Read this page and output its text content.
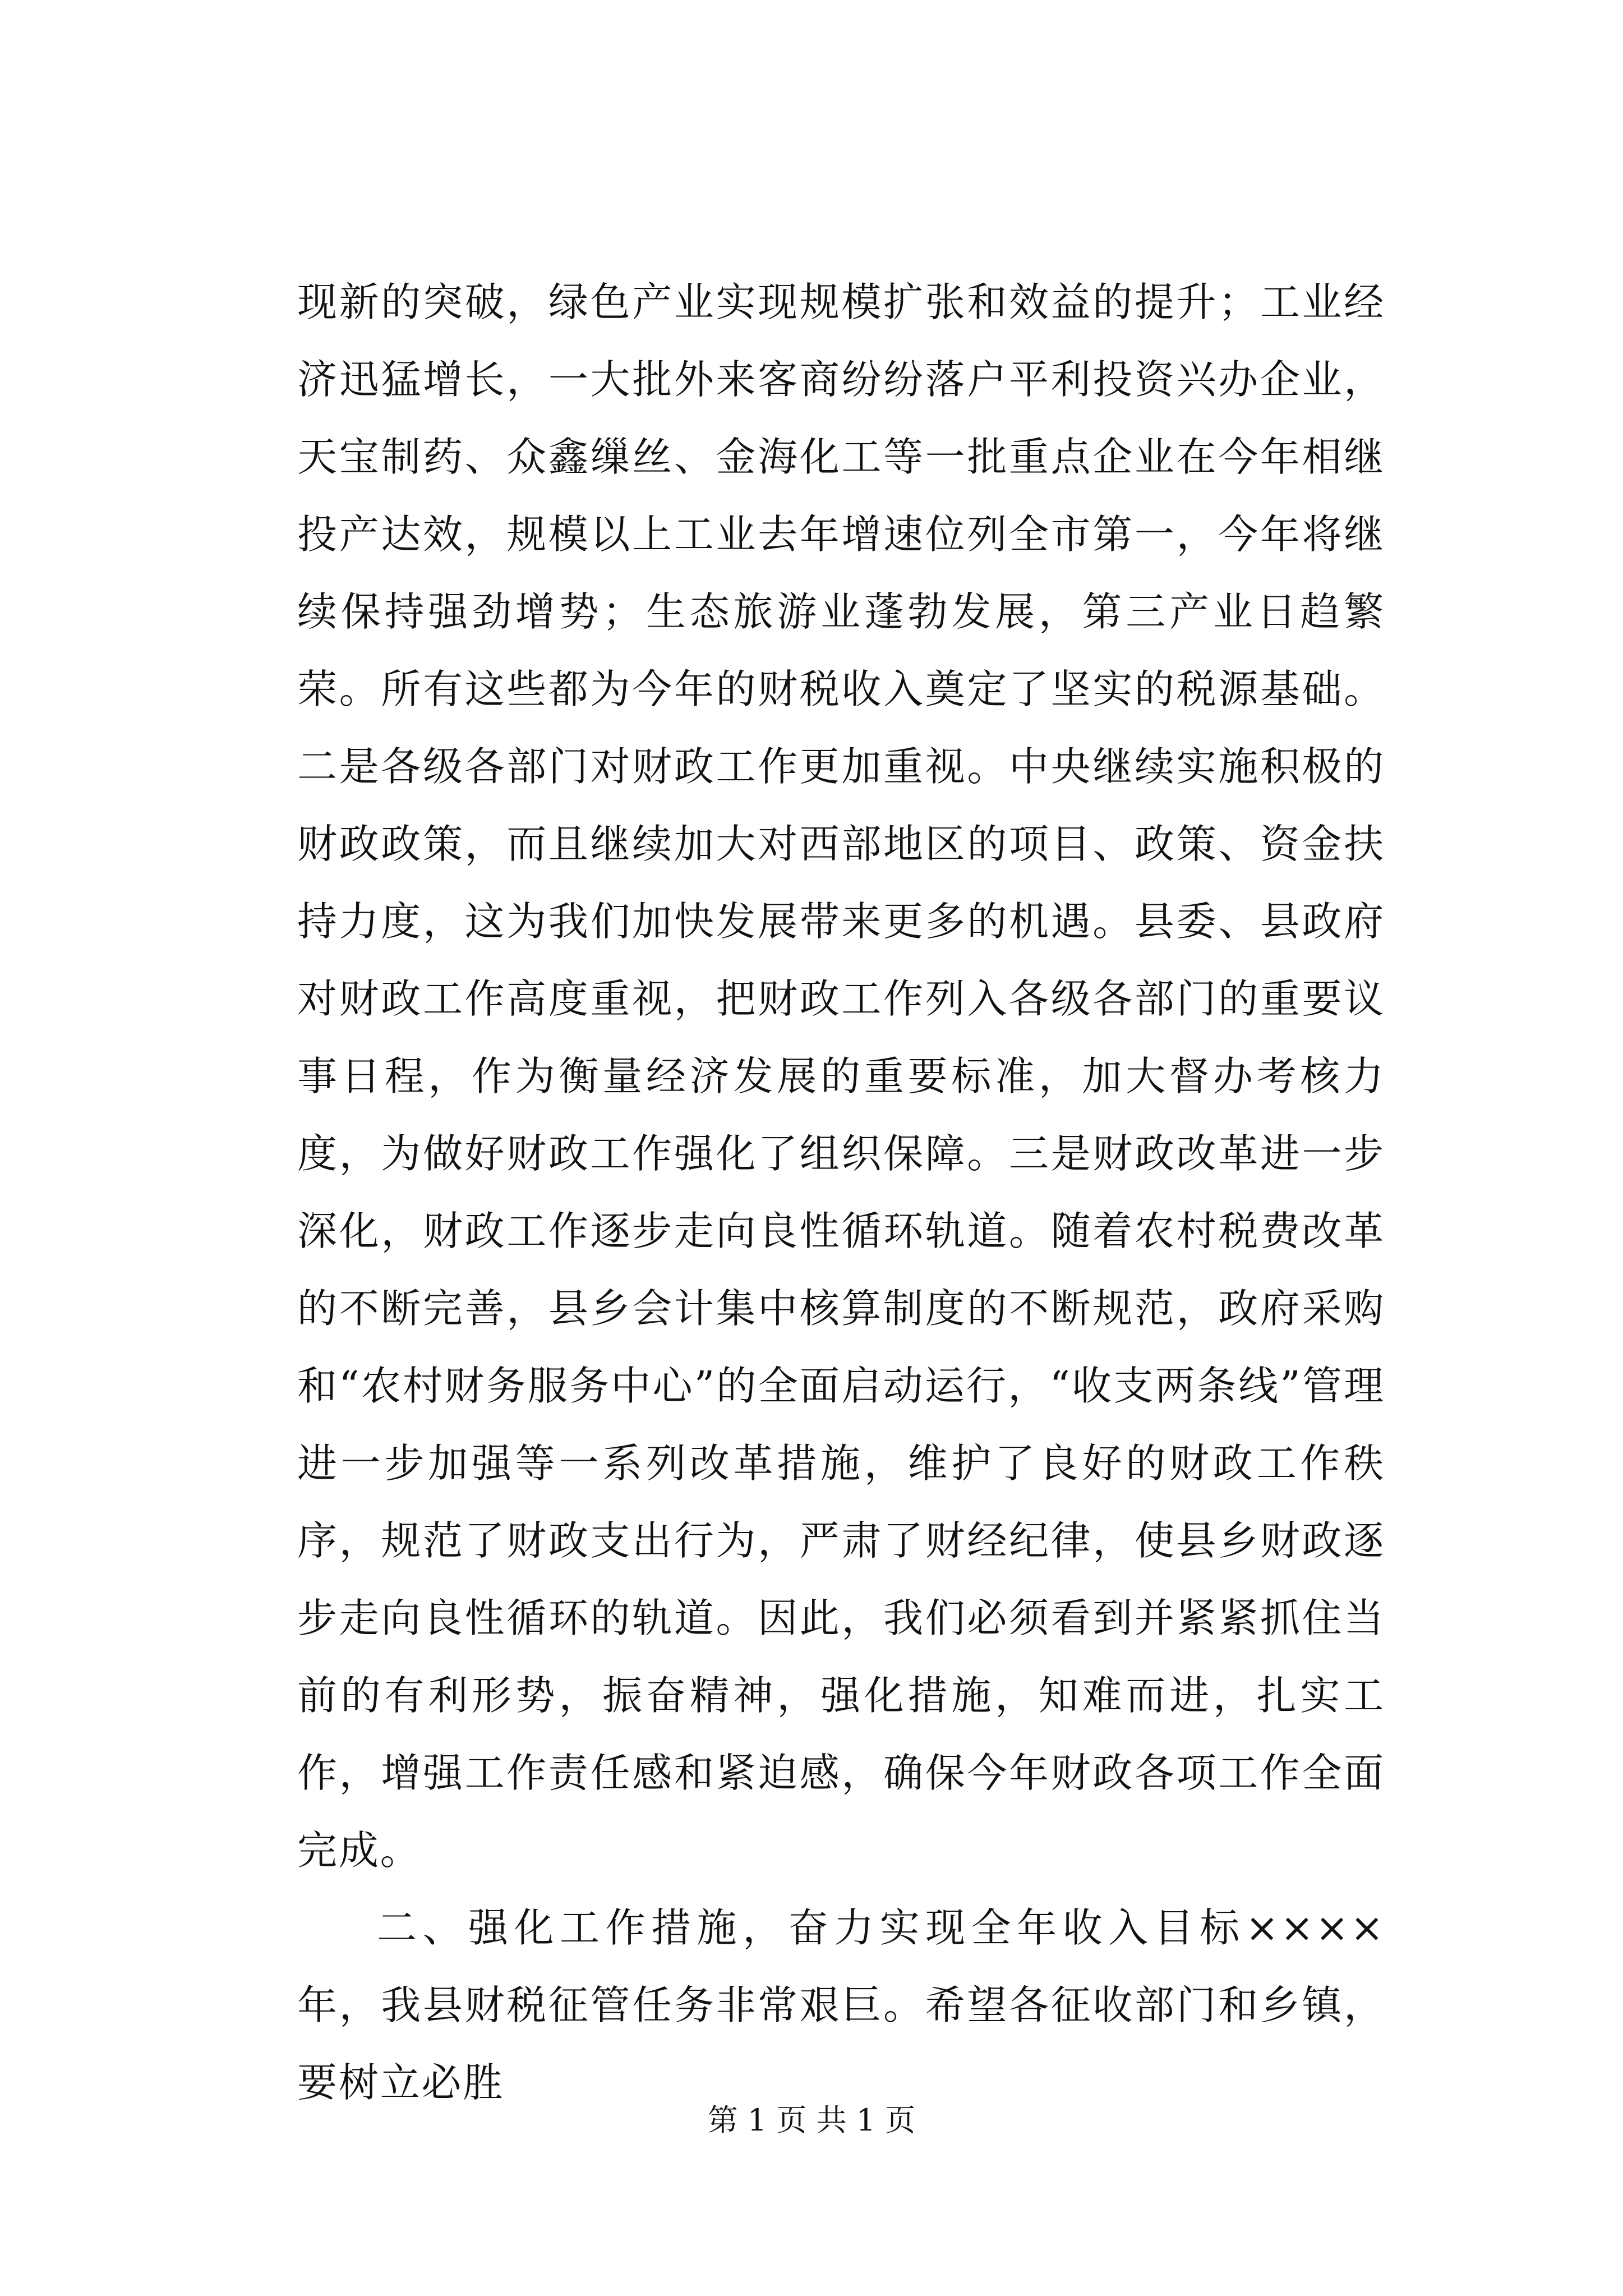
现新的突破，绿色产业实现规模扩张和效益的提升；工业经济迅猛增长，一大批外来客商纷纷落户平利投资兴办企业，天宝制药、众鑫缫丝、金海化工等一批重点企业在今年相继投产达效，规模以上工业去年增速位列全市第一，今年将继续保持强劲增势；生态旅游业蓬勃发展，第三产业日趋繁荣。所有这些都为今年的财税收入奠定了坚实的税源基础。二是各级各部门对财政工作更加重视。中央继续实施积极的财政政策，而且继续加大对西部地区的项目、政策、资金扶持力度，这为我们加快发展带来更多的机遇。县委、县政府对财政工作高度重视，把财政工作列入各级各部门的重要议事日程，作为衡量经济发展的重要标准，加大督办考核力度，为做好财政工作强化了组织保障。三是财政改革进一步深化，财政工作逐步走向良性循环轨道。随着农村税费改革的不断完善，县乡会计集中核算制度的不断规范，政府采购和“农村财务服务中心”的全面启动运行，“收支两条线”管理进一步加强等一系列改革措施，维护了良好的财政工作秩序，规范了财政支出行为，严肃了财经纪律，使县乡财政逐步走向良性循环的轨道。因此，我们必须看到并紧紧抓住当前的有利形势，振奋精神，强化措施，知难而进，扎实工作，增强工作责任感和紧迫感，确保今年财政各项工作全面完成。

二、强化工作措施，奋力实现全年收入目标××××年，我县财税征管任务非常艰巨。希望各征收部门和乡镇，要树立必胜

第 1 页 共 1 页
